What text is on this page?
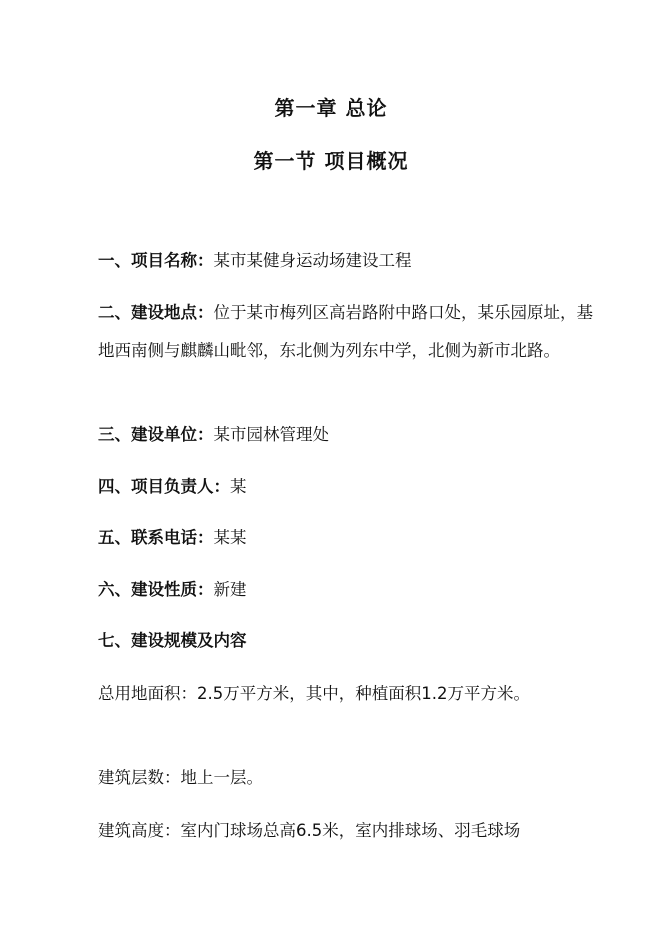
第一章 总论
第一节 项目概况
一、项目名称：某市某健身运动场建设工程
二、建设地点：位于某市梅列区高岩路附中路口处，某乐园原址，基地西南侧与麒麟山毗邻，东北侧为列东中学，北侧为新市北路。
三、建设单位：某市园林管理处
四、项目负责人：某
五、联系电话：某某
六、建设性质：新建
七、建设规模及内容
总用地面积：2.5万平方米，其中，种植面积1.2万平方米。
建筑层数：地上一层。
建筑高度：室内门球场总高6.5米，室内排球场、羽毛球场
